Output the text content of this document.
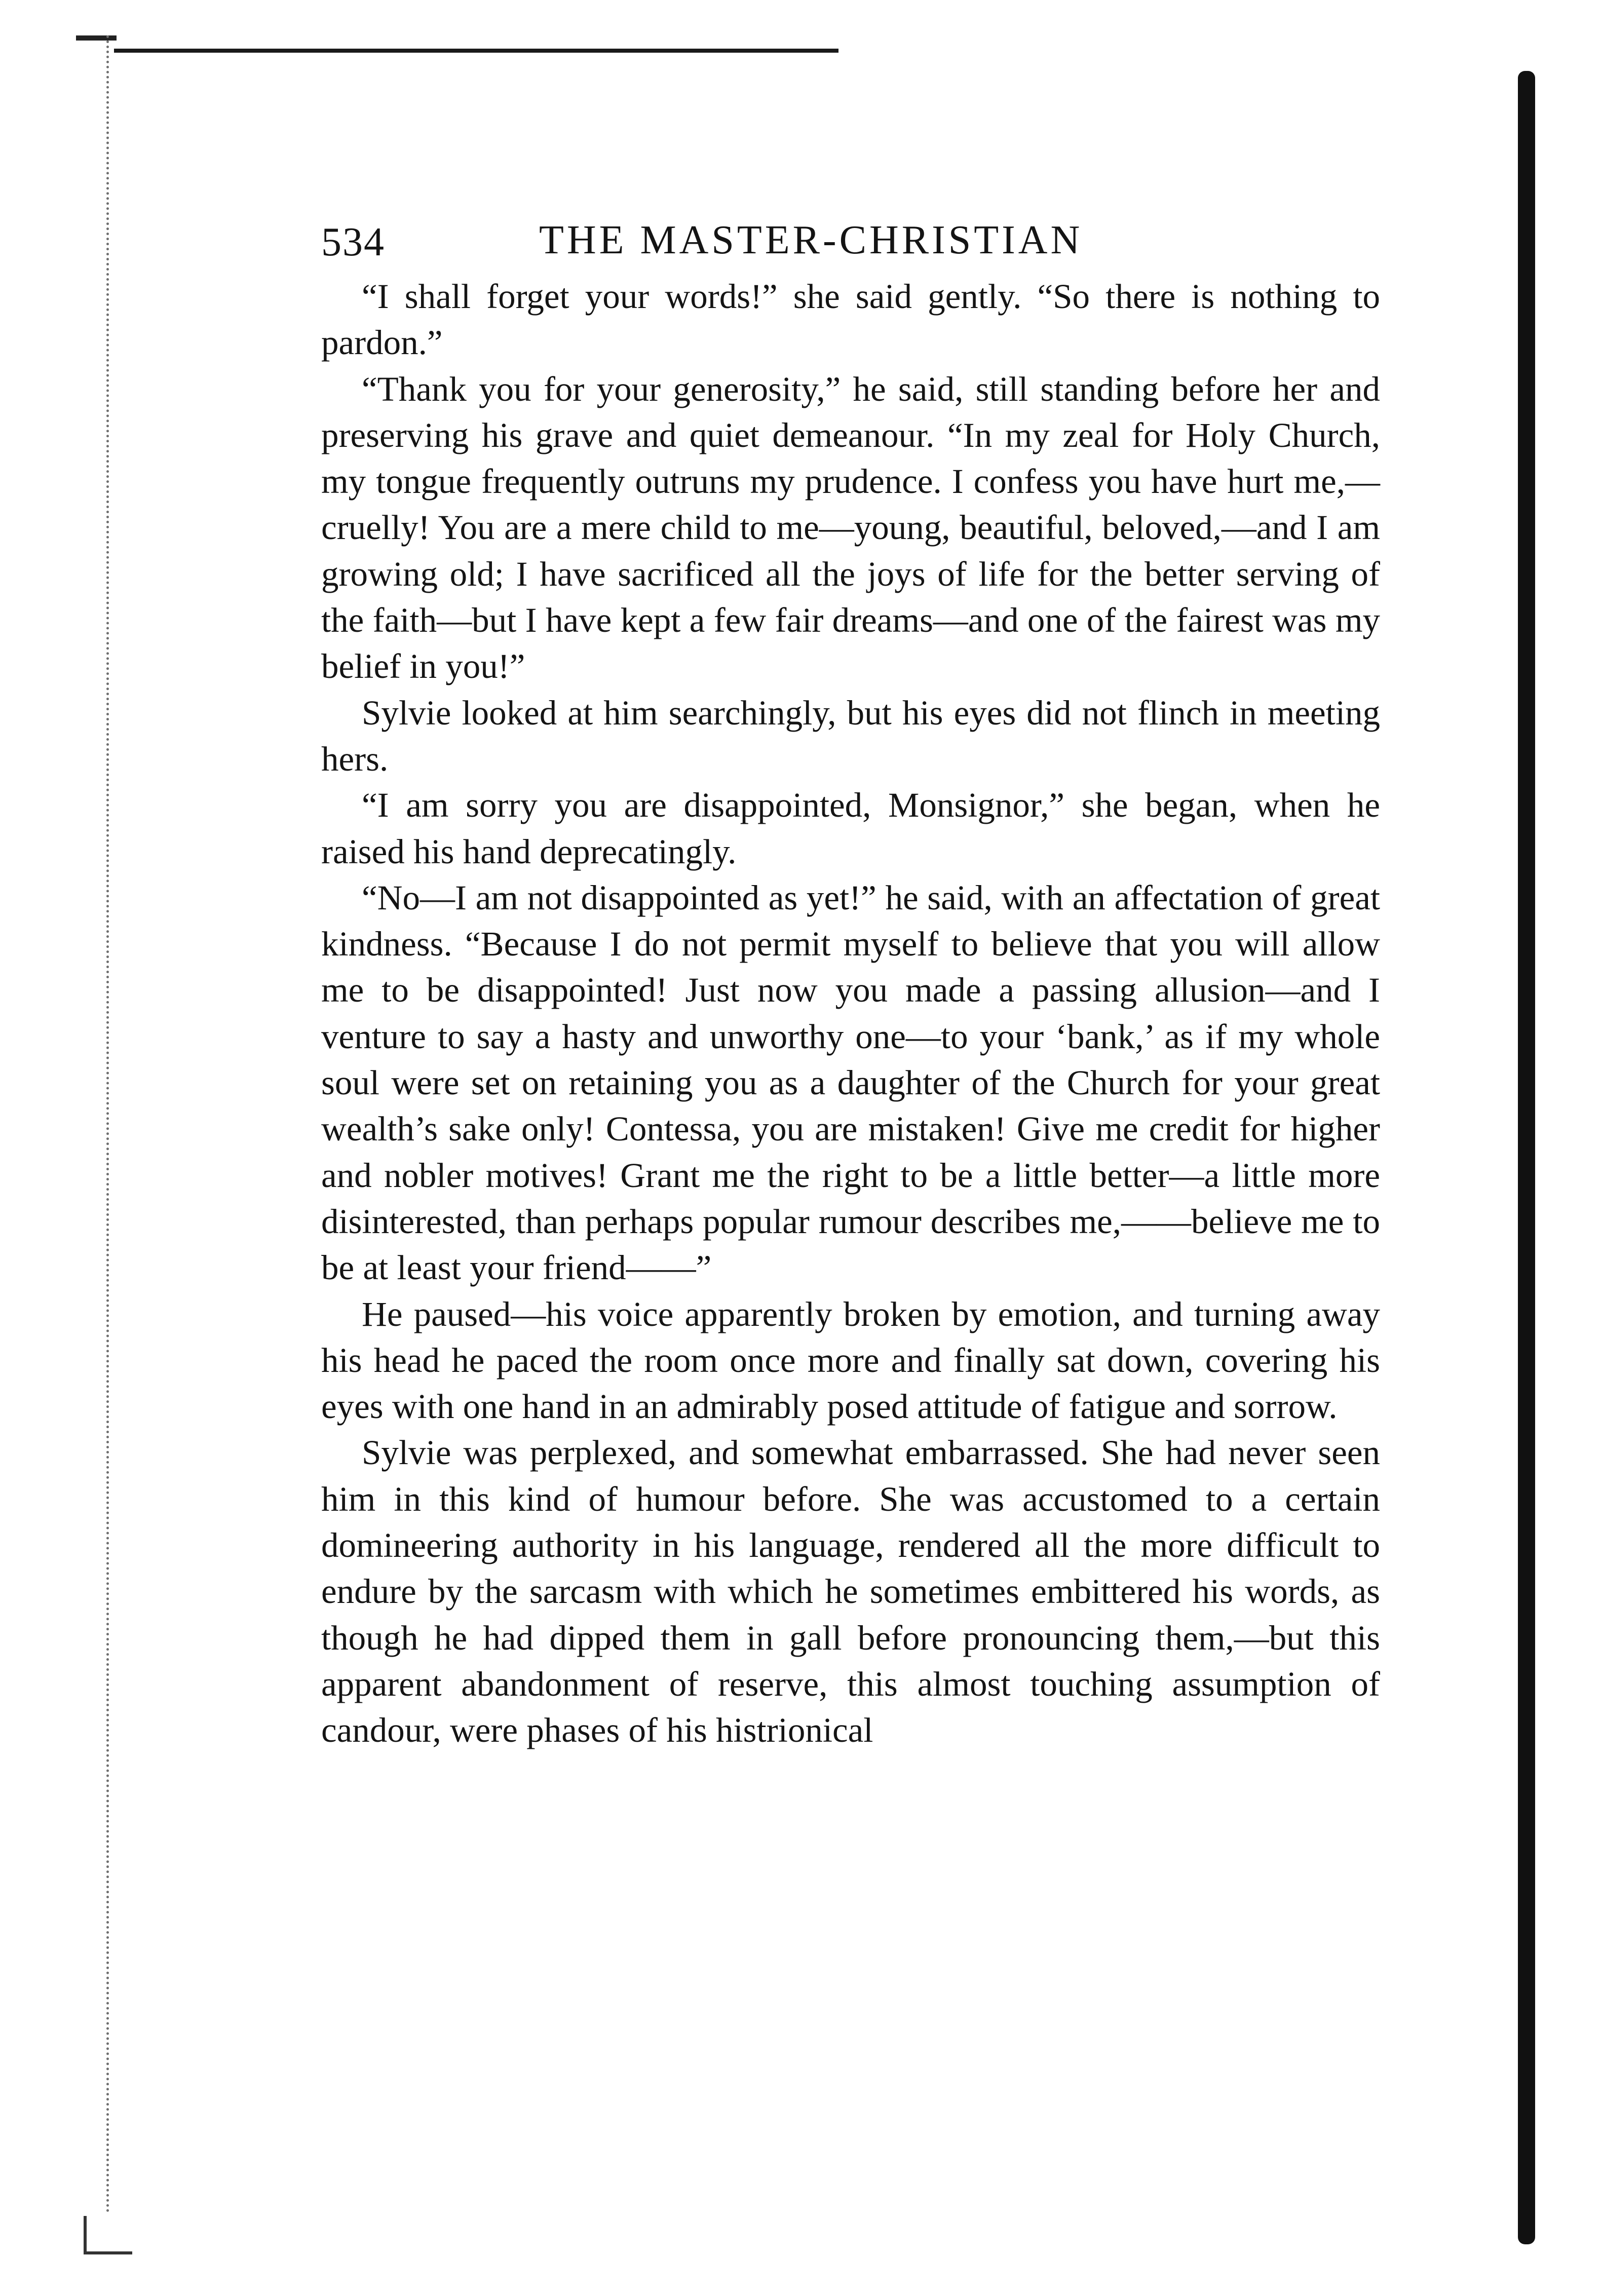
534	THE MASTER-CHRISTIAN

“I shall forget your words!” she said gently. “So there is nothing to pardon.”

“Thank you for your generosity,” he said, still standing before her and preserving his grave and quiet demeanour. “In my zeal for Holy Church, my tongue frequently outruns my prudence. I confess you have hurt me,—cruelly! You are a mere child to me—young, beautiful, beloved,—and I am growing old; I have sacrificed all the joys of life for the better serving of the faith—but I have kept a few fair dreams—and one of the fairest was my belief in you!”

Sylvie looked at him searchingly, but his eyes did not flinch in meeting hers.

“I am sorry you are disappointed, Monsignor,” she began, when he raised his hand deprecatingly.

“No—I am not disappointed as yet!” he said, with an affectation of great kindness. “Because I do not permit myself to believe that you will allow me to be disappointed! Just now you made a passing allusion—and I venture to say a hasty and unworthy one—to your ‘bank,’ as if my whole soul were set on retaining you as a daughter of the Church for your great wealth’s sake only! Contessa, you are mistaken! Give me credit for higher and nobler motives! Grant me the right to be a little better—a little more disinterested, than perhaps popular rumour describes me,——believe me to be at least your friend——”

He paused—his voice apparently broken by emotion, and turning away his head he paced the room once more and finally sat down, covering his eyes with one hand in an admirably posed attitude of fatigue and sorrow.

Sylvie was perplexed, and somewhat embarrassed. She had never seen him in this kind of humour before. She was accustomed to a certain domineering authority in his language, rendered all the more difficult to endure by the sarcasm with which he sometimes embittered his words, as though he had dipped them in gall before pronouncing them,—but this apparent abandonment of reserve, this almost touching assumption of candour, were phases of his histrionical
